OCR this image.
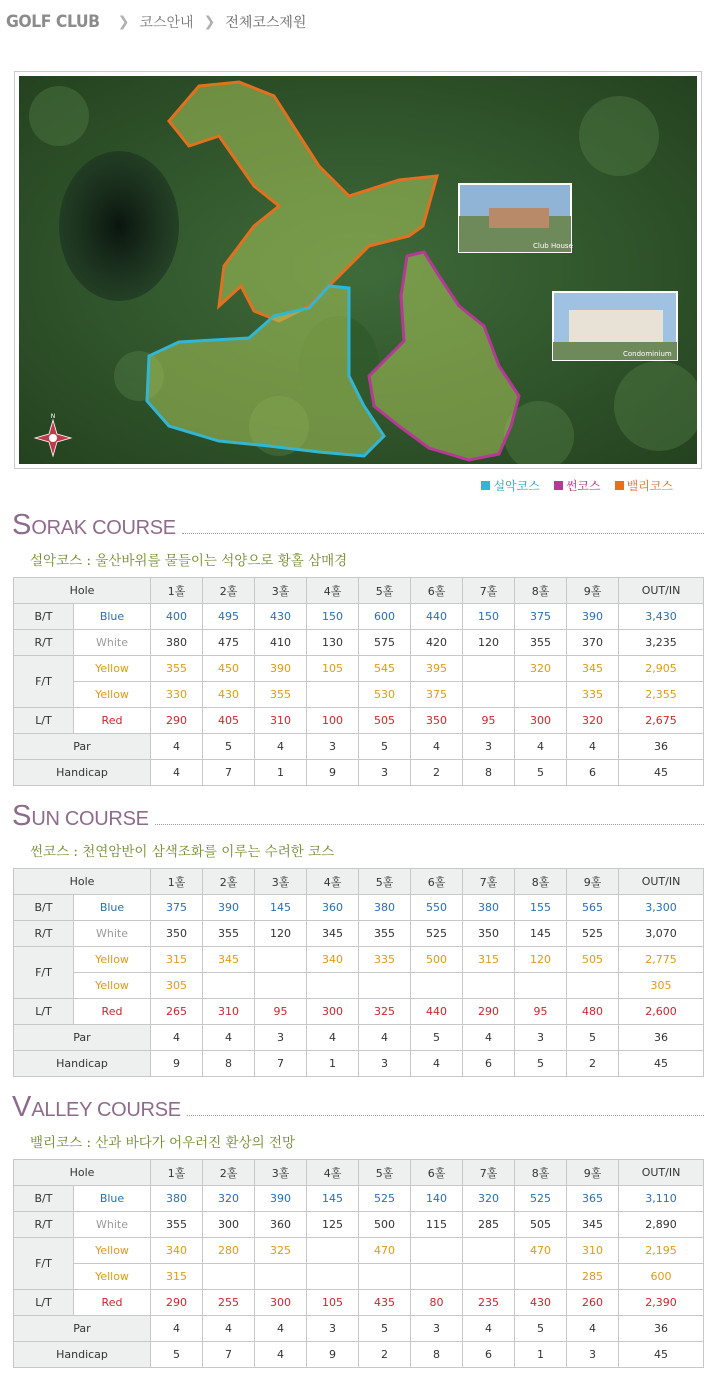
GOLF CLUB ❯ 코스안내 ❯ 전체코스제원
Club House
Condominium
N
설악코스	썬코스	밸리코스
S ORAK COURSE
설악코스 : 울산바위를 물들이는 석양으로 황홀 삼매경
S UN COURSE
썬코스 : 천연암반이 삼색조화를 이루는 수려한 코스
V ALLEY COURSE
밸리코스 : 산과 바다가 어우러진 환상의 전망
Hole		1홀	2홀	3홀	4홀	5홀	6홀	7홀	8홀	9홀	OUT/IN
B/T	Blue	400	495	430	150	600	440	150	375	390	3,430
R/T	White	380	475	410	130	575	420	120	355	370	3,235
F/T	Yellow	355	450	390	105	545	395		320	345	2,905
	Yellow	330	430	355		530	375			335	2,355
L/T	Red	290	405	310	100	505	350	95	300	320	2,675
Par		4	5	4	3	5	4	3	4	4	36
Handicap		4	7	1	9	3	2	8	5	6	45
Hole		1홀	2홀	3홀	4홀	5홀	6홀	7홀	8홀	9홀	OUT/IN
B/T	Blue	375	390	145	360	380	550	380	155	565	3,300
R/T	White	350	355	120	345	355	525	350	145	525	3,070
F/T	Yellow	315	345		340	335	500	315	120	505	2,775
	Yellow	305									305
L/T	Red	265	310	95	300	325	440	290	95	480	2,600
Par		4	4	3	4	4	5	4	3	5	36
Handicap		9	8	7	1	3	4	6	5	2	45
Hole		1홀	2홀	3홀	4홀	5홀	6홀	7홀	8홀	9홀	OUT/IN
B/T	Blue	380	320	390	145	525	140	320	525	365	3,110
R/T	White	355	300	360	125	500	115	285	505	345	2,890
F/T	Yellow	340	280	325		470			470	310	2,195
	Yellow	315								285	600
L/T	Red	290	255	300	105	435	80	235	430	260	2,390
Par		4	4	4	3	5	3	4	5	4	36
Handicap		5	7	4	9	2	8	6	1	3	45
